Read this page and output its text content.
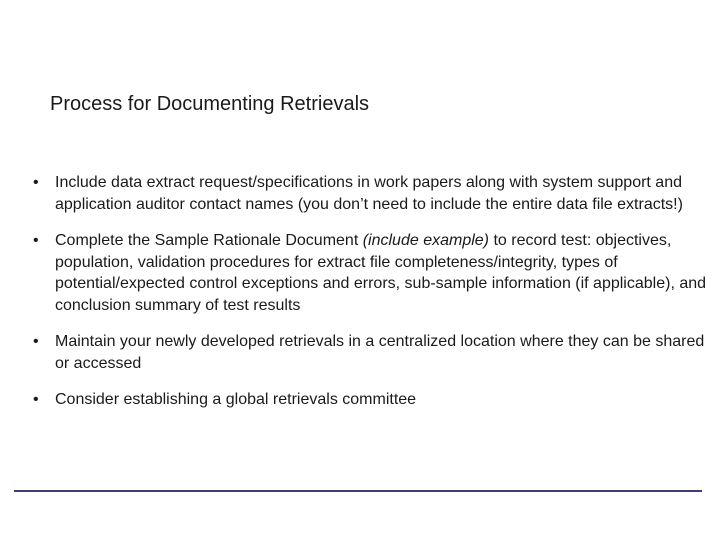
Process for Documenting Retrievals
•	Include data extract request/specifications in work papers along with system support and application auditor contact names (you don’t need to include the entire data file extracts!)
•	Complete the Sample Rationale Document (include example) to record test: objectives, population, validation procedures for extract file completeness/integrity, types of potential/expected control exceptions and errors, sub-sample information (if applicable), and conclusion summary of test results
•	Maintain your newly developed retrievals in a centralized location where they can be shared or accessed
•	Consider establishing a global retrievals committee
